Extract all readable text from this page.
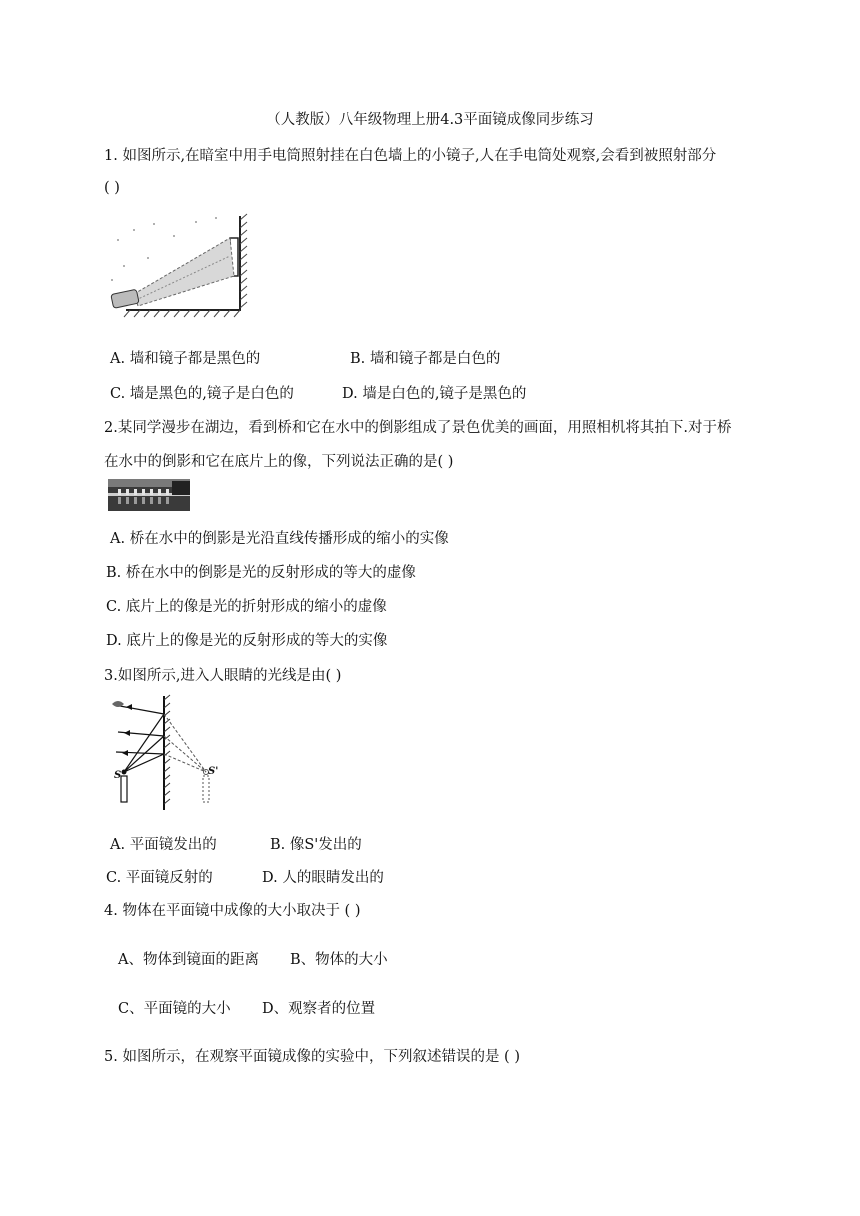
（人教版）八年级物理上册4.3平面镜成像同步练习
1. 如图所示,在暗室中用手电筒照射挂在白色墙上的小镜子,人在手电筒处观察,会看到被照射部分
( )
A. 墙和镜子都是黑色的	B. 墙和镜子都是白色的
C. 墙是黑色的,镜子是白色的	D. 墙是白色的,镜子是黑色的
2.某同学漫步在湖边，看到桥和它在水中的倒影组成了景色优美的画面，用照相机将其拍下.对于桥
在水中的倒影和它在底片上的像，下列说法正确的是( )
A. 桥在水中的倒影是光沿直线传播形成的缩小的实像
B. 桥在水中的倒影是光的反射形成的等大的虚像
C. 底片上的像是光的折射形成的缩小的虚像
D. 底片上的像是光的反射形成的等大的实像
3.如图所示,进入人眼睛的光线是由( )
S	S'
A. 平面镜发出的	B. 像S'发出的
C. 平面镜反射的	D. 人的眼睛发出的
4. 物体在平面镜中成像的大小取决于 ( )
A、物体到镜面的距离 B、物体的大小
C、平面镜的大小 D、观察者的位置
5. 如图所示，在观察平面镜成像的实验中，下列叙述错误的是 ( )
